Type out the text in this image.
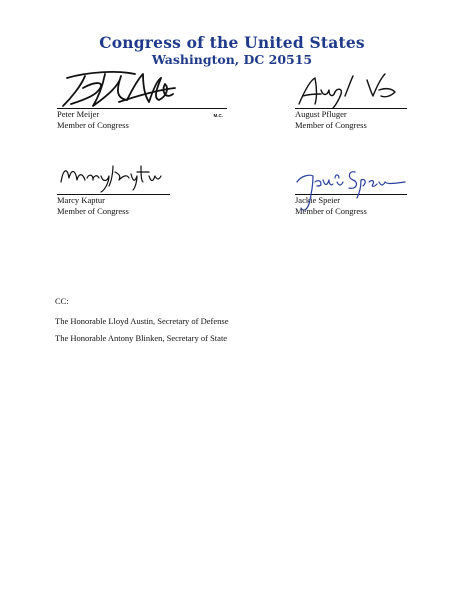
Congress of the United States
Washington, DC 20515
M.C.
Peter Meijer
Member of Congress
August Pfluger
Member of Congress
Marcy Kaptur
Member of Congress
Jackie Speier
Member of Congress
CC:
The Honorable Lloyd Austin, Secretary of Defense
The Honorable Antony Blinken, Secretary of State
